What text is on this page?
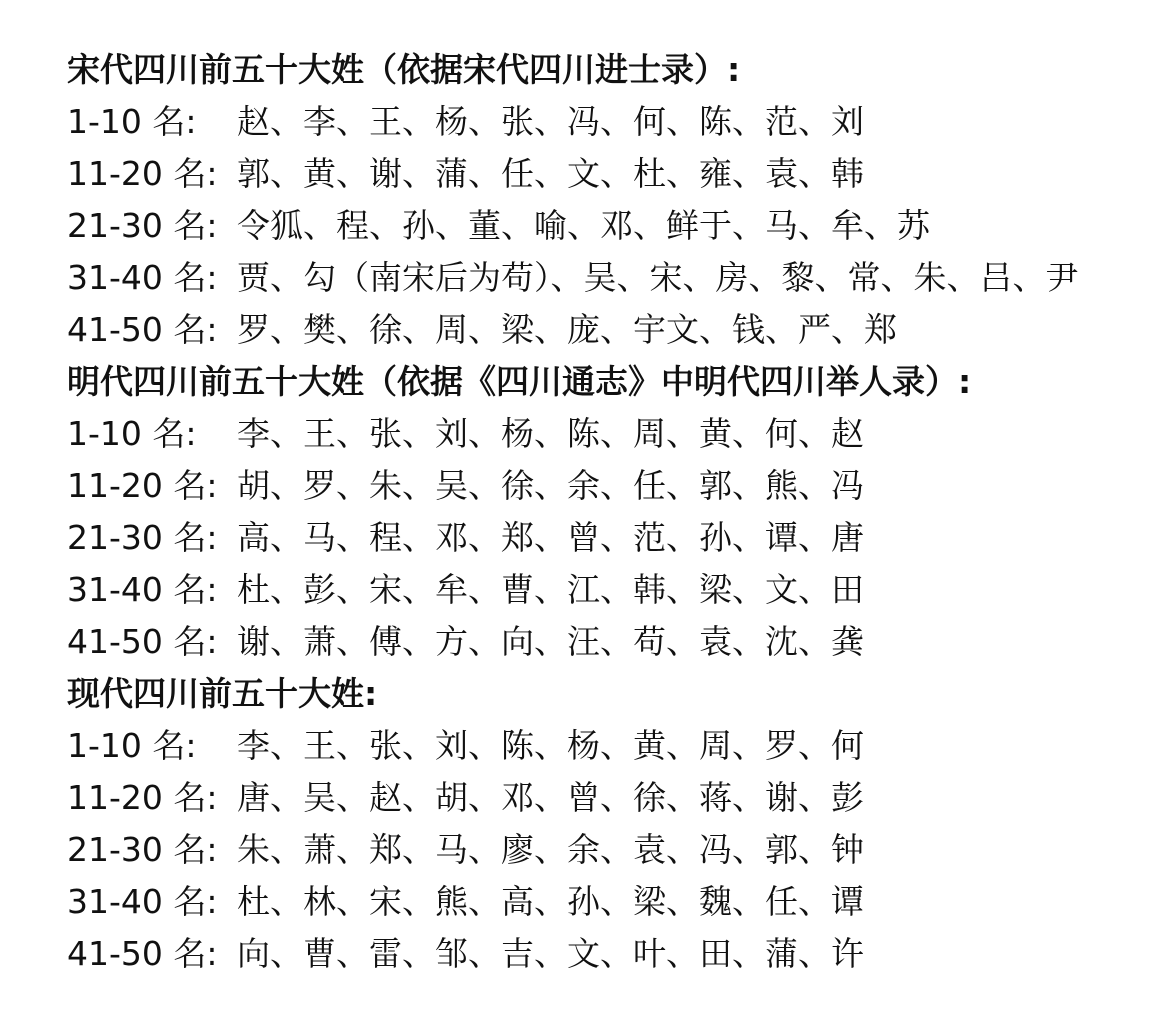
宋代四川前五十大姓（依据宋代四川进士录）:
1-10 名: 赵、李、王、杨、张、冯、何、陈、范、刘
11-20 名: 郭、黄、谢、蒲、任、文、杜、雍、袁、韩
21-30 名: 令狐、程、孙、董、喻、邓、鲜于、马、牟、苏
31-40 名: 贾、勾（南宋后为苟）、吴、宋、房、黎、常、朱、吕、尹
41-50 名: 罗、樊、徐、周、梁、庞、宇文、钱、严、郑
明代四川前五十大姓（依据《四川通志》中明代四川举人录）:
1-10 名: 李、王、张、刘、杨、陈、周、黄、何、赵
11-20 名: 胡、罗、朱、吴、徐、余、任、郭、熊、冯
21-30 名: 高、马、程、邓、郑、曾、范、孙、谭、唐
31-40 名: 杜、彭、宋、牟、曹、江、韩、梁、文、田
41-50 名: 谢、萧、傅、方、向、汪、苟、袁、沈、龚
现代四川前五十大姓:
1-10 名: 李、王、张、刘、陈、杨、黄、周、罗、何
11-20 名: 唐、吴、赵、胡、邓、曾、徐、蒋、谢、彭
21-30 名: 朱、萧、郑、马、廖、余、袁、冯、郭、钟
31-40 名: 杜、林、宋、熊、高、孙、梁、魏、任、谭
41-50 名: 向、曹、雷、邹、吉、文、叶、田、蒲、许
